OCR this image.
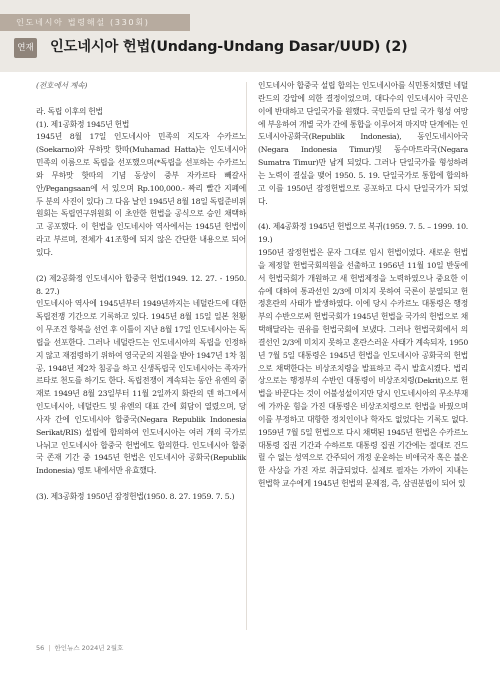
인도네시아 법령해설 (330회)
연재 인도네시아 헌법(Undang-Undang Dasar/UUD) (2)

(전호에서 계속)

라. 독립 이후의 헌법

(1). 제1공화정 1945년 헌법

1945년 8월 17일 인도네시아 민족의 지도자 수카르노(Soekarno)와 무하맛 핫따(Muhamad Hatta)는 인도네시아 민족의 이름으로 독립을 선포했으며(*독립을 선포하는 수카르노와 무하맛 핫따의 기념 동상이 중부 자카르타 빼갈사안/Pegangsaan에 서 있으며 Rp.100,000.- 짜리 빨간 지폐에 두 분의 사진이 있다) 그 다음 날인 1945년 8월 18일 독립준비위원회는 독립연구위원회 이 초안한 헌법을 공식으로 승인 채택하고 공포했다. 이 헌법을 인도네시아 역사에서는 1945년 헌법이라고 부르며, 전체가 41조항에 되지 않은 간단한 내용으로 되어 있다.

(2) 제2공화정 인도네시아 합중국 헌법(1949. 12. 27. - 1950. 8. 27.)

인도네시아 역사에 1945년부터 1949년까지는 네덜란드에 대한 독립전쟁 기간으로 기록하고 있다. 1945년 8월 15일 일본 천황이 무조건 항복을 선언 후 이틀이 지난 8월 17일 인도네시아는 독립을 선포한다. 그러나 네덜란드는 인도네시아의 독립을 인정하지 않고 재점령하기 위하여 영국군의 지원을 받아 1947년 1차 침공, 1948년 제2차 침공을 하고 신생독립국 인도네시아는 족자카르타로 천도를 하기도 한다. 독립전쟁이 계속되는 동안 유엔의 중재로 1949년 8월 23일부터 11월 2일까지 화란의 덴 하그에서 인도네시아, 네덜란드 및 유엔의 대표 간에 회담이 열렸으며, 당사자 간에 인도네시아 합중국(Negara Republik Indonesia Serikat/RIS) 설립에 합의하여 인도네시아는 여러 개의 국가로 나뉘고 인도네시아 합중국 헌법에도 합의한다. 인도네시아 합중국 존재 기간 중 1945년 헌법은 인도네시아 공화국(Republik Indonesia) 영토 내에서만 유효했다.

(3). 제3공화정 1950년 잠정헌법(1950. 8. 27. 1959. 7. 5.)

인도네시아 합중국 설립 합의는 인도네시아를 식민통치했던 네덜란드의 강압에 의한 결정이었으며, 대다수의 인도네시아 국민은 이에 반대하고 단일국가를 원했다. 국민들의 단일 국가 형성 여망에 부응하여 개별 국가 간에 통합을 이루어져 마지막 단계에는 인도네시아공화국(Republik Indonesia), 동인도네시아국(Negara Indonesia Timur)및 동수마트라국(Negara Sumatra Timur)만 남게 되었다. 그러나 단일국가를 형성하려는 노력이 결실을 맺어 1950. 5. 19. 단일국가로 통합에 합의하고 이를 1950년 잠정헌법으로 공포하고 다시 단일국가가 되었다.

(4). 제4공화정 1945년 헌법으로 복귀(1959. 7. 5. – 1999. 10. 19.)

1950년 잠정헌법은 문자 그대로 임시 헌법이었다. 새로운 헌법을 제정할 헌법국회의원을 선출하고 1956년 11월 10일 반둥에서 헌법국회가 개원하고 새 헌법제정을 노력하였으나 중요한 이슈에 대하여 통과선인 2/3에 미치지 못하여 국론이 분열되고 헌정혼란의 사태가 발생하였다. 이에 당시 수카르노 대통령은 행정부의 수반으로써 헌법국회가 1945년 헌법을 국가의 헌법으로 채택해달라는 권유를 헌법국회에 보냈다. 그러나 헌법국회에서 의결선인 2/3에 미치지 못하고 혼란스러운 사태가 계속되자, 1950년 7월 5일 대통령은 1945년 헌법을 인도네시아 공화국의 헌법으로 채택한다는 비상조치령을 발표하고 즉시 발효시켰다. 법리상으로는 행정부의 수반인 대통령이 비상조치령(Dekrit)으로 헌법을 바꾼다는 것이 어불성설이지만 당시 인도네시아의 무소부재에 가까운 힘을 가진 대통령은 비상조치령으로 헌법을 바꿨으며 이를 부정하고 대항한 정치인이나 학자도 없었다는 기록도 없다. 1959년 7월 5일 헌법으로 다시 채택된 1945년 헌법은 수카르노 대통령 집권 기간과 수하르토 대통령 집권 기간에는 절대로 건드릴 수 없는 성역으로 간주되어 개정 운운하는 비애국자 혹은 불온한 사상을 가진 자로 취급되었다. 실제로 필자는 가까이 지내는 헌법학 교수에게 1945년 헌법의 문제점, 즉, 삼권분립이 되어 있

56 | 한인뉴스 2024년 2월호
